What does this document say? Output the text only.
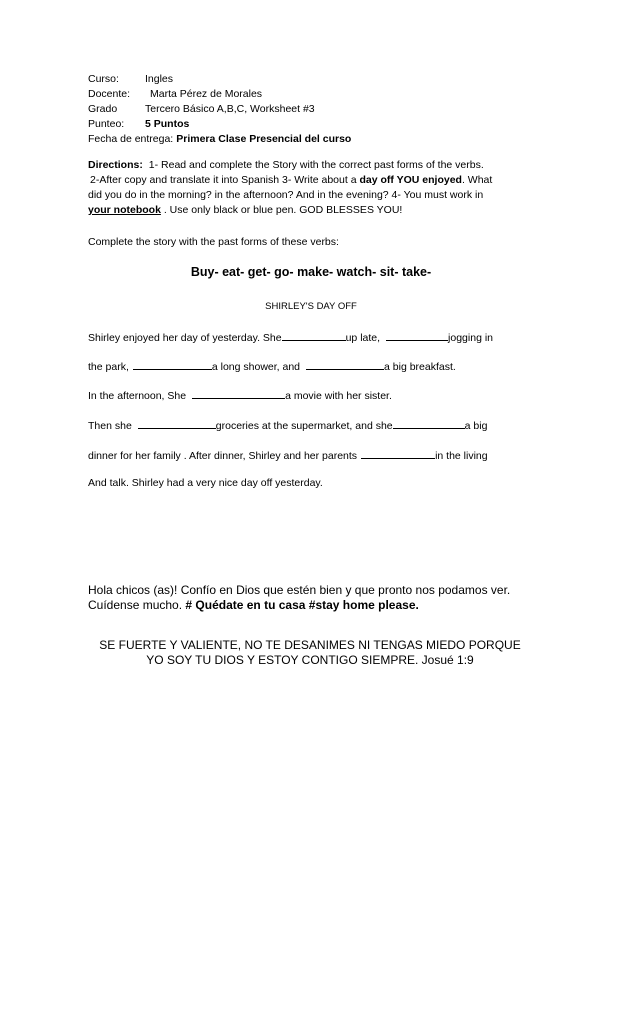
Curso:	Ingles
Docente:	Marta Pérez de Morales
Grado	Tercero Básico A,B,C, Worksheet #3
Punteo:	5 Puntos
Fecha de entrega: Primera Clase Presencial del curso
Directions: 1- Read and complete the Story with the correct past forms of the verbs.
2-After copy and translate it into Spanish 3- Write about a day off YOU enjoyed. What
did you do in the morning? in the afternoon? And in the evening? 4- You must work in
your notebook . Use only black or blue pen. GOD BLESSES YOU!
Complete the story with the past forms of these verbs:
Buy- eat- get- go- make- watch- sit- take-
SHIRLEY'S DAY OFF
Shirley enjoyed her day of yesterday. She	up late,	jogging in
the park,	a long shower, and	a big breakfast.
In the afternoon, She	a movie with her sister.
Then she	groceries at the supermarket, and she	a big
dinner for her family . After dinner, Shirley and her parents	in the living
And talk. Shirley had a very nice day off yesterday.
Hola chicos (as)! Confío en Dios que estén bien y que pronto nos podamos ver.
Cuídense mucho. # Quédate en tu casa #stay home please.
SE FUERTE Y VALIENTE, NO TE DESANIMES NI TENGAS MIEDO PORQUE
YO SOY TU DIOS Y ESTOY CONTIGO SIEMPRE. Josué 1:9
